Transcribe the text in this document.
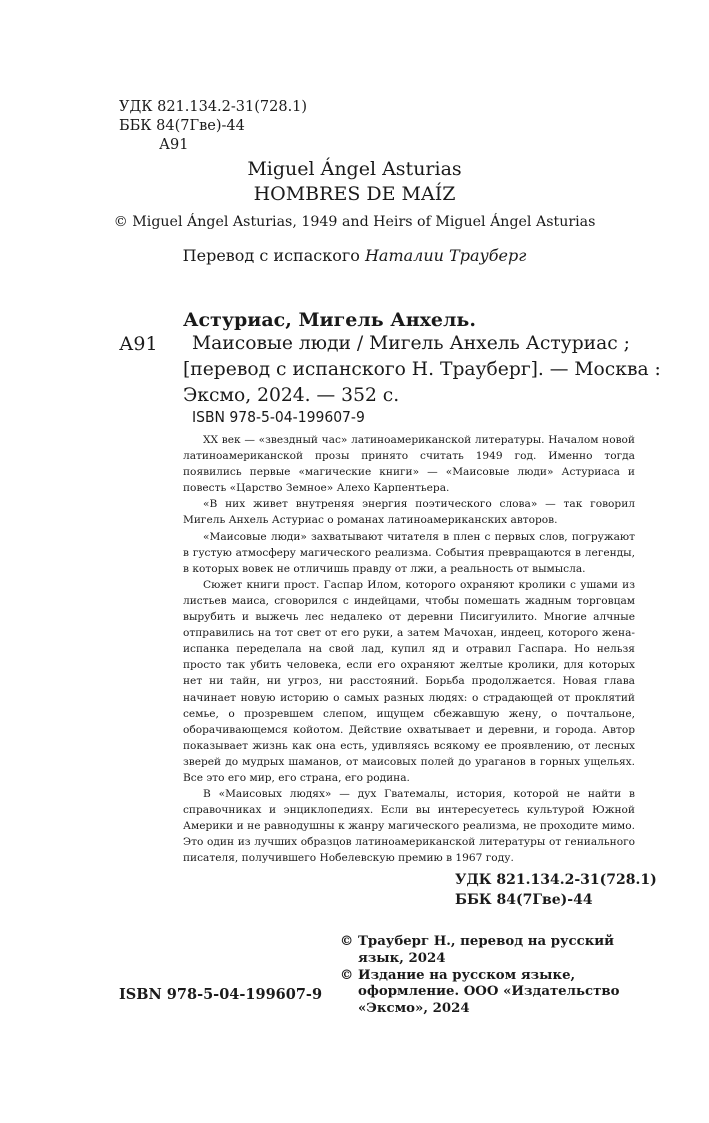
УДК 821.134.2-31(728.1)
ББК 84(7Гве)-44
А91
Miguel Ángel Asturias
HOMBRES DE MAÍZ
© Miguel Ángel Asturias, 1949 and Heirs of Miguel Ángel Asturias
Перевод с испаского Наталии Трауберг
Астуриас, Мигель Анхель.
А91	Маисовые люди / Мигель Анхель Астуриас ;
[перевод с испанского Н. Трауберг]. — Москва :
Эксмо, 2024. — 352 с.
ISBN 978-5-04-199607-9

XX век — «звездный час» латиноамериканской литературы. Началом новой латиноамериканской прозы принято считать 1949 год. Именно тогда появились первые «магические книги» — «Маисовые люди» Астуриаса и повесть «Царство Земное» Алехо Карпентьера.

«В них живет внутреняя энергия поэтического слова» — так говорил Мигель Анхель Астуриас о романах латиноамериканских авторов.

«Маисовые люди» захватывают читателя в плен с первых слов, погружают в густую атмосферу магического реализма. События превращаются в легенды, в которых вовек не отличишь правду от лжи, а реальность от вымысла.

Сюжет книги прост. Гаспар Илом, которого охраняют кролики с ушами из листьев маиса, сговорился с индейцами, чтобы помешать жадным торговцам вырубить и выжечь лес недалеко от деревни Писигуилито. Многие алчные отправились на тот свет от его руки, а затем Мачохан, индеец, которого жена-испанка переделала на свой лад, купил яд и отравил Гаспара. Но нельзя просто так убить человека, если его охраняют желтые кролики, для которых нет ни тайн, ни угроз, ни расстояний. Борьба продолжается. Новая глава начинает новую историю о самых разных людях: о страдающей от проклятий семье, о прозревшем слепом, ищущем сбежавшую жену, о почтальоне, оборачивающемся койотом. Действие охватывает и деревни, и города. Автор показывает жизнь как она есть, удивляясь всякому ее проявлению, от лесных зверей до мудрых шаманов, от маисовых полей до ураганов в горных ущельях. Все это его мир, его страна, его родина.

В «Маисовых людях» — дух Гватемалы, история, которой не найти в справочниках и энциклопедиях. Если вы интересуетесь культурой Южной Америки и не равнодушны к жанру магического реализма, не проходите мимо. Это один из лучших образцов латиноамериканской литературы от гениального писателя, получившего Нобелевскую премию в 1967 году.

УДК 821.134.2-31(728.1)
ББК 84(7Гве)-44

© Трауберг Н., перевод на русский язык, 2024

© Издание на русском языке, оформление. ООО «Издательство «Эксмо», 2024

ISBN 978-5-04-199607-9
